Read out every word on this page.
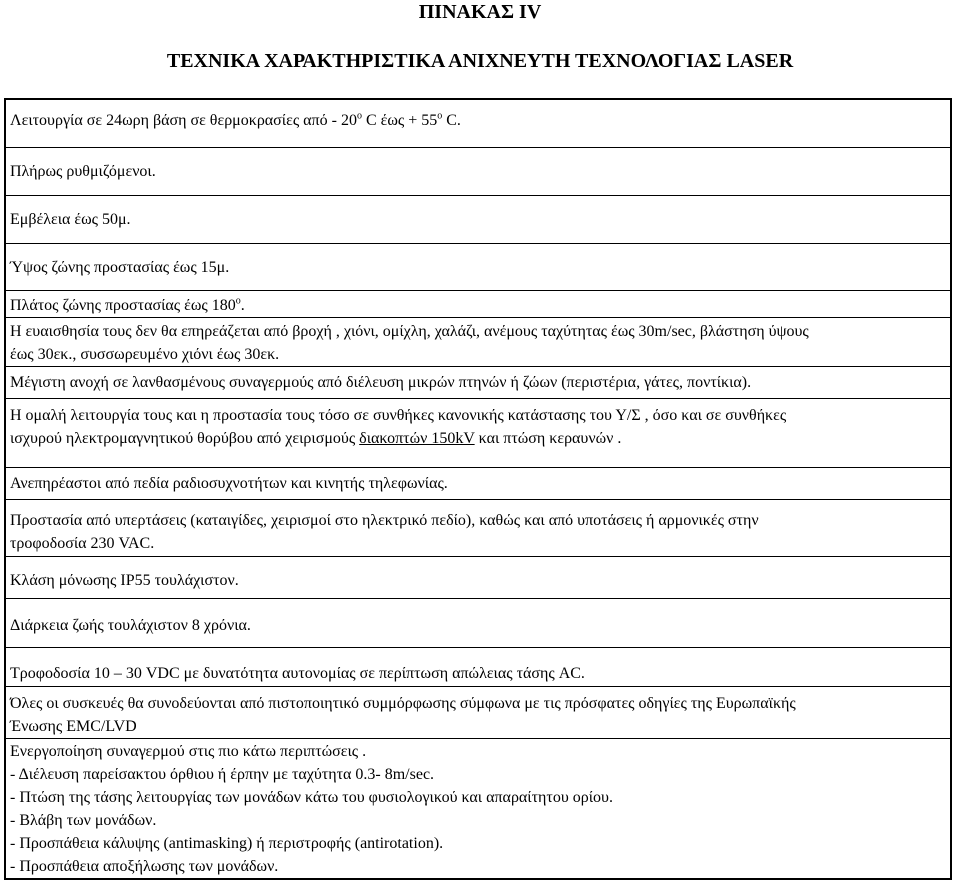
ΠΙΝΑΚΑΣ IV
ΤΕΧΝΙΚΑ ΧΑΡΑΚΤΗΡΙΣΤΙΚΑ ΑΝΙΧΝΕΥΤΗ ΤΕΧΝΟΛΟΓΙΑΣ LASER

Λειτουργία σε 24ωρη βάση σε θερμοκρασίες από - $20^o$ C $έ\omega\varsigma + 55^o$ C.

Πλήρως ρυθμιζόμενοι.

Εμβέλεια έως 50μ.

Ύψος ζώνης προστασίας έως 15μ.

Πλάτος ζώνης προστασίας έως $180^o$.

Η ευαισθησία τους δεν θα επηρεάζεται από βροχή , χιόνι, ομίχλη, χαλάζι, ανέμους ταχύτητας έως 30m/sec, βλάστηση ύψους

έως 30εκ., συσσωρευμένο χιόνι έως 30εκ.

Μέγιστη ανοχή σε λανθασμένους συναγερμούς από διέλευση μικρών πτηνών ή ζώων (περιστέρια, γάτες, ποντίκια).

Η ομαλή λειτουργία τους και η προστασία τους τόσο σε συνθήκες κανονικής κατάστασης του Υ/Σ , όσο και σε συνθήκες

ισχυρού ηλεκτρομαγνητικού θορύβου από χειρισμούς διακοπτών 150kV και πτώση κεραυνών .

Ανεπηρέαστοι από πεδία ραδιοσυχνοτήτων και κινητής τηλεφωνίας.

Προστασία από υπερτάσεις (καταιγίδες, χειρισμοί στο ηλεκτρικό πεδίο), καθώς και από υποτάσεις ή αρμονικές στην

τροφοδοσία 230 VAC.

Κλάση μόνωσης IP55 τουλάχιστον.

Διάρκεια ζωής τουλάχιστον 8 χρόνια.

Τροφοδοσία 10 – 30 VDC με δυνατότητα αυτονομίας σε περίπτωση απώλειας τάσης AC.

Όλες οι συσκευές θα συνοδεύονται από πιστοποιητικό συμμόρφωσης σύμφωνα με τις πρόσφατες οδηγίες της Ευρωπαϊκής

Ένωσης EMC/LVD

Ενεργοποίηση συναγερμού στις πιο κάτω περιπτώσεις .

- Διέλευση παρείσακτου όρθιου ή έρπην με ταχύτητα 0.3- 8m/sec.

- Πτώση της τάσης λειτουργίας των μονάδων κάτω του φυσιολογικού και απαραίτητου ορίου.

- Βλάβη των μονάδων.

- Προσπάθεια κάλυψης (antimasking) ή περιστροφής (antirotation).

- Προσπάθεια αποξήλωσης των μονάδων.
